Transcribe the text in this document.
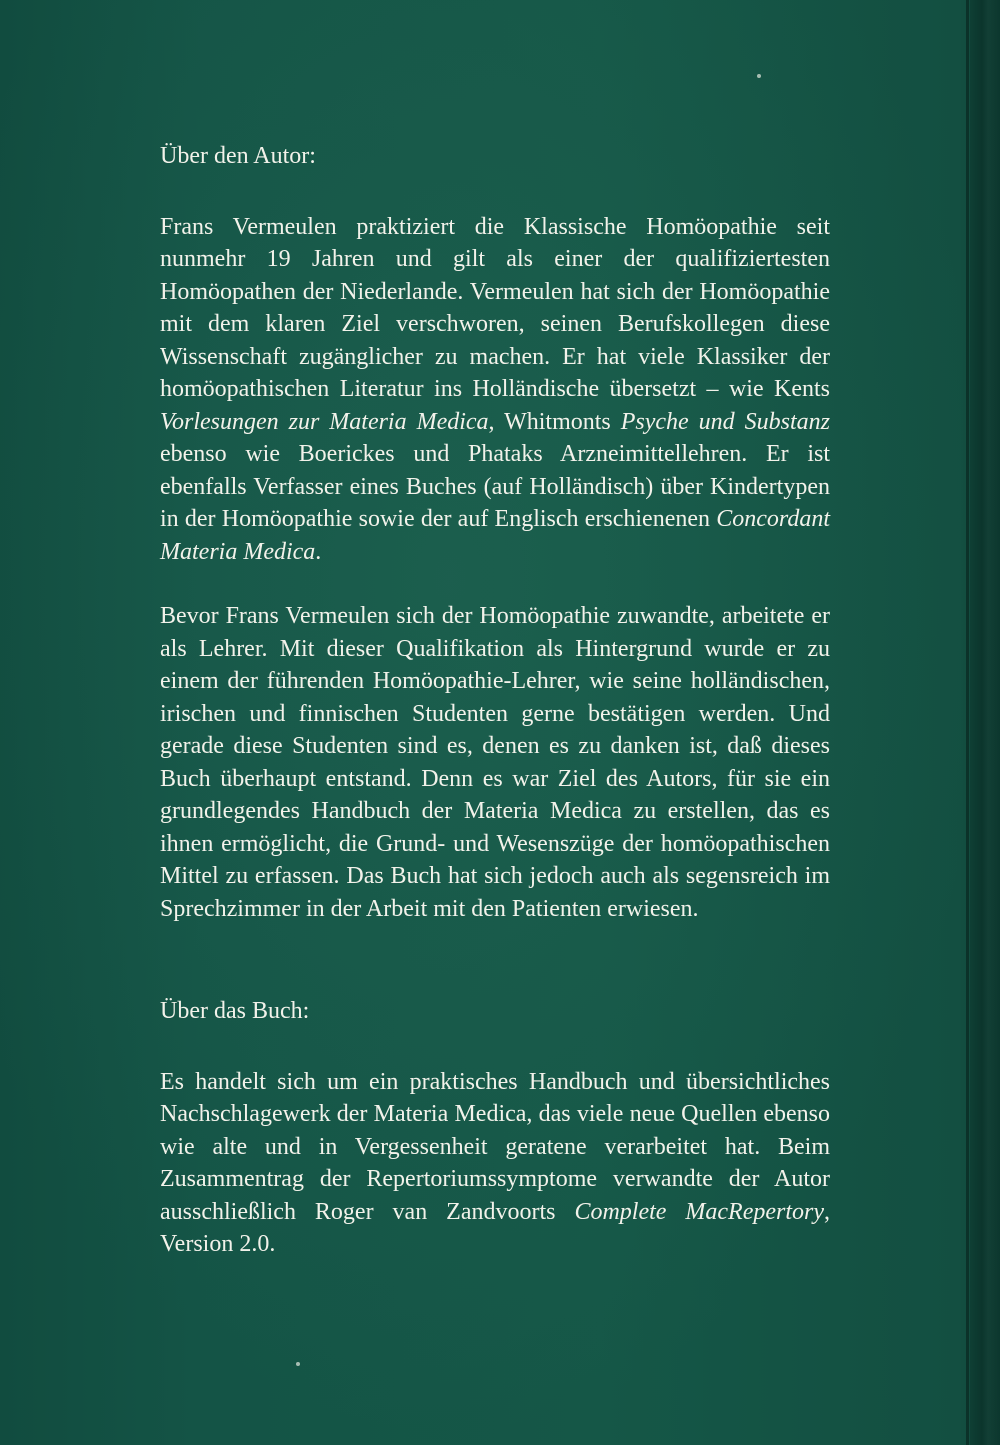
Über den Autor:

Frans Vermeulen praktiziert die Klassische Homöopathie seit nunmehr 19 Jahren und gilt als einer der qualifiziertesten Homöopathen der Niederlande. Vermeulen hat sich der Homöopathie mit dem klaren Ziel verschworen, seinen Berufskollegen diese Wissenschaft zugänglicher zu machen. Er hat viele Klassiker der homöopathischen Literatur ins Holländische übersetzt – wie Kents Vorlesungen zur Materia Medica, Whitmonts Psyche und Substanz ebenso wie Boerickes und Phataks Arzneimittellehren. Er ist ebenfalls Verfasser eines Buches (auf Holländisch) über Kindertypen in der Homöopathie sowie der auf Englisch erschienenen Concordant Materia Medica.

Bevor Frans Vermeulen sich der Homöopathie zuwandte, arbeitete er als Lehrer. Mit dieser Qualifikation als Hintergrund wurde er zu einem der führenden Homöopathie-Lehrer, wie seine holländischen, irischen und finnischen Studenten gerne bestätigen werden. Und gerade diese Studenten sind es, denen es zu danken ist, daß dieses Buch überhaupt entstand. Denn es war Ziel des Autors, für sie ein grundlegendes Handbuch der Materia Medica zu erstellen, das es ihnen ermöglicht, die Grund- und Wesenszüge der homöopathischen Mittel zu erfassen. Das Buch hat sich jedoch auch als segensreich im Sprechzimmer in der Arbeit mit den Patienten erwiesen.

Über das Buch:

Es handelt sich um ein praktisches Handbuch und übersichtliches Nachschlagewerk der Materia Medica, das viele neue Quellen ebenso wie alte und in Vergessenheit geratene verarbeitet hat. Beim Zusammentrag der Repertoriumssymptome verwandte der Autor ausschließlich Roger van Zandvoorts Complete MacRepertory, Version 2.0.
